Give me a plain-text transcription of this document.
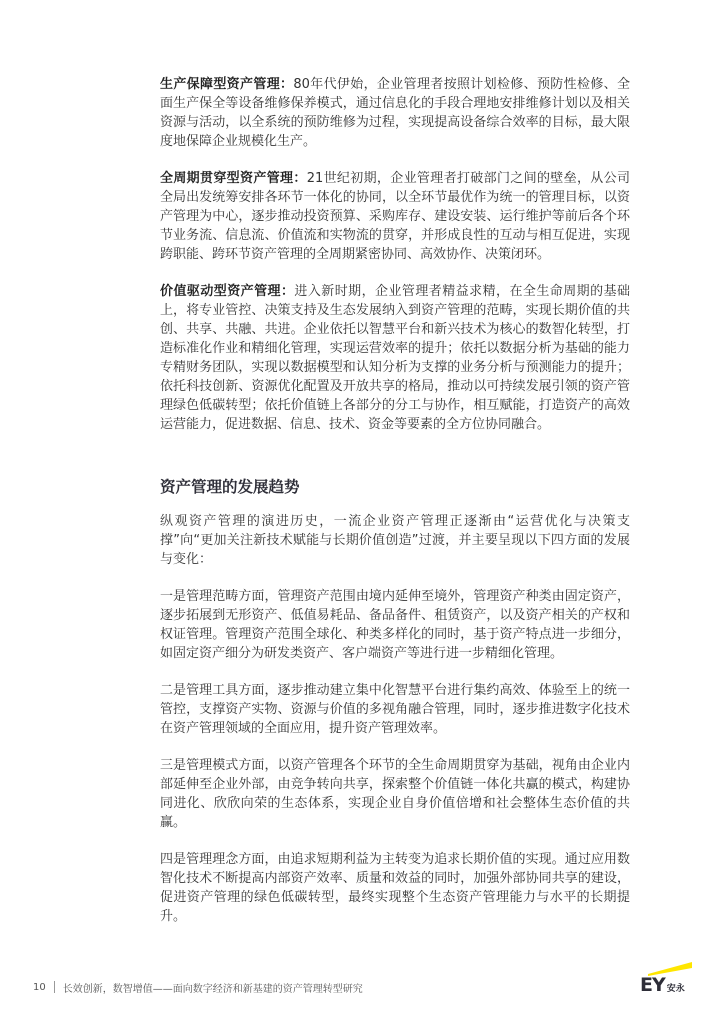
生产保障型资产管理：80年代伊始，企业管理者按照计划检修、预防性检修、全面生产保全等设备维修保养模式，通过信息化的手段合理地安排维修计划以及相关资源与活动，以全系统的预防维修为过程，实现提高设备综合效率的目标，最大限度地保障企业规模化生产。

全周期贯穿型资产管理：21世纪初期，企业管理者打破部门之间的壁垒，从公司全局出发统筹安排各环节一体化的协同，以全环节最优作为统一的管理目标，以资产管理为中心，逐步推动投资预算、采购库存、建设安装、运行维护等前后各个环节业务流、信息流、价值流和实物流的贯穿，并形成良性的互动与相互促进，实现跨职能、跨环节资产管理的全周期紧密协同、高效协作、决策闭环。

价值驱动型资产管理：进入新时期，企业管理者精益求精，在全生命周期的基础上，将专业管控、决策支持及生态发展纳入到资产管理的范畴，实现长期价值的共创、共享、共融、共进。企业依托以智慧平台和新兴技术为核心的数智化转型，打造标准化作业和精细化管理，实现运营效率的提升；依托以数据分析为基础的能力专精财务团队，实现以数据模型和认知分析为支撑的业务分析与预测能力的提升；依托科技创新、资源优化配置及开放共享的格局，推动以可持续发展引领的资产管理绿色低碳转型；依托价值链上各部分的分工与协作，相互赋能，打造资产的高效运营能力，促进数据、信息、技术、资金等要素的全方位协同融合。

资产管理的发展趋势

纵观资产管理的演进历史，一流企业资产管理正逐渐由“运营优化与决策支撑”向“更加关注新技术赋能与长期价值创造”过渡，并主要呈现以下四方面的发展与变化：

一是管理范畴方面，管理资产范围由境内延伸至境外，管理资产种类由固定资产，逐步拓展到无形资产、低值易耗品、备品备件、租赁资产，以及资产相关的产权和权证管理。管理资产范围全球化、种类多样化的同时，基于资产特点进一步细分，如固定资产细分为研发类资产、客户端资产等进行进一步精细化管理。

二是管理工具方面，逐步推动建立集中化智慧平台进行集约高效、体验至上的统一管控，支撑资产实物、资源与价值的多视角融合管理，同时，逐步推进数字化技术在资产管理领域的全面应用，提升资产管理效率。

三是管理模式方面，以资产管理各个环节的全生命周期贯穿为基础，视角由企业内部延伸至企业外部，由竞争转向共享，探索整个价值链一体化共赢的模式，构建协同进化、欣欣向荣的生态体系，实现企业自身价值倍增和社会整体生态价值的共赢。

四是管理理念方面，由追求短期利益为主转变为追求长期价值的实现。通过应用数智化技术不断提高内部资产效率、质量和效益的同时，加强外部协同共享的建设，促进资产管理的绿色低碳转型，最终实现整个生态资产管理能力与水平的长期提升。

10 长效创新，数智增值——面向数字经济和新基建的资产管理转型研究	EY 安永
